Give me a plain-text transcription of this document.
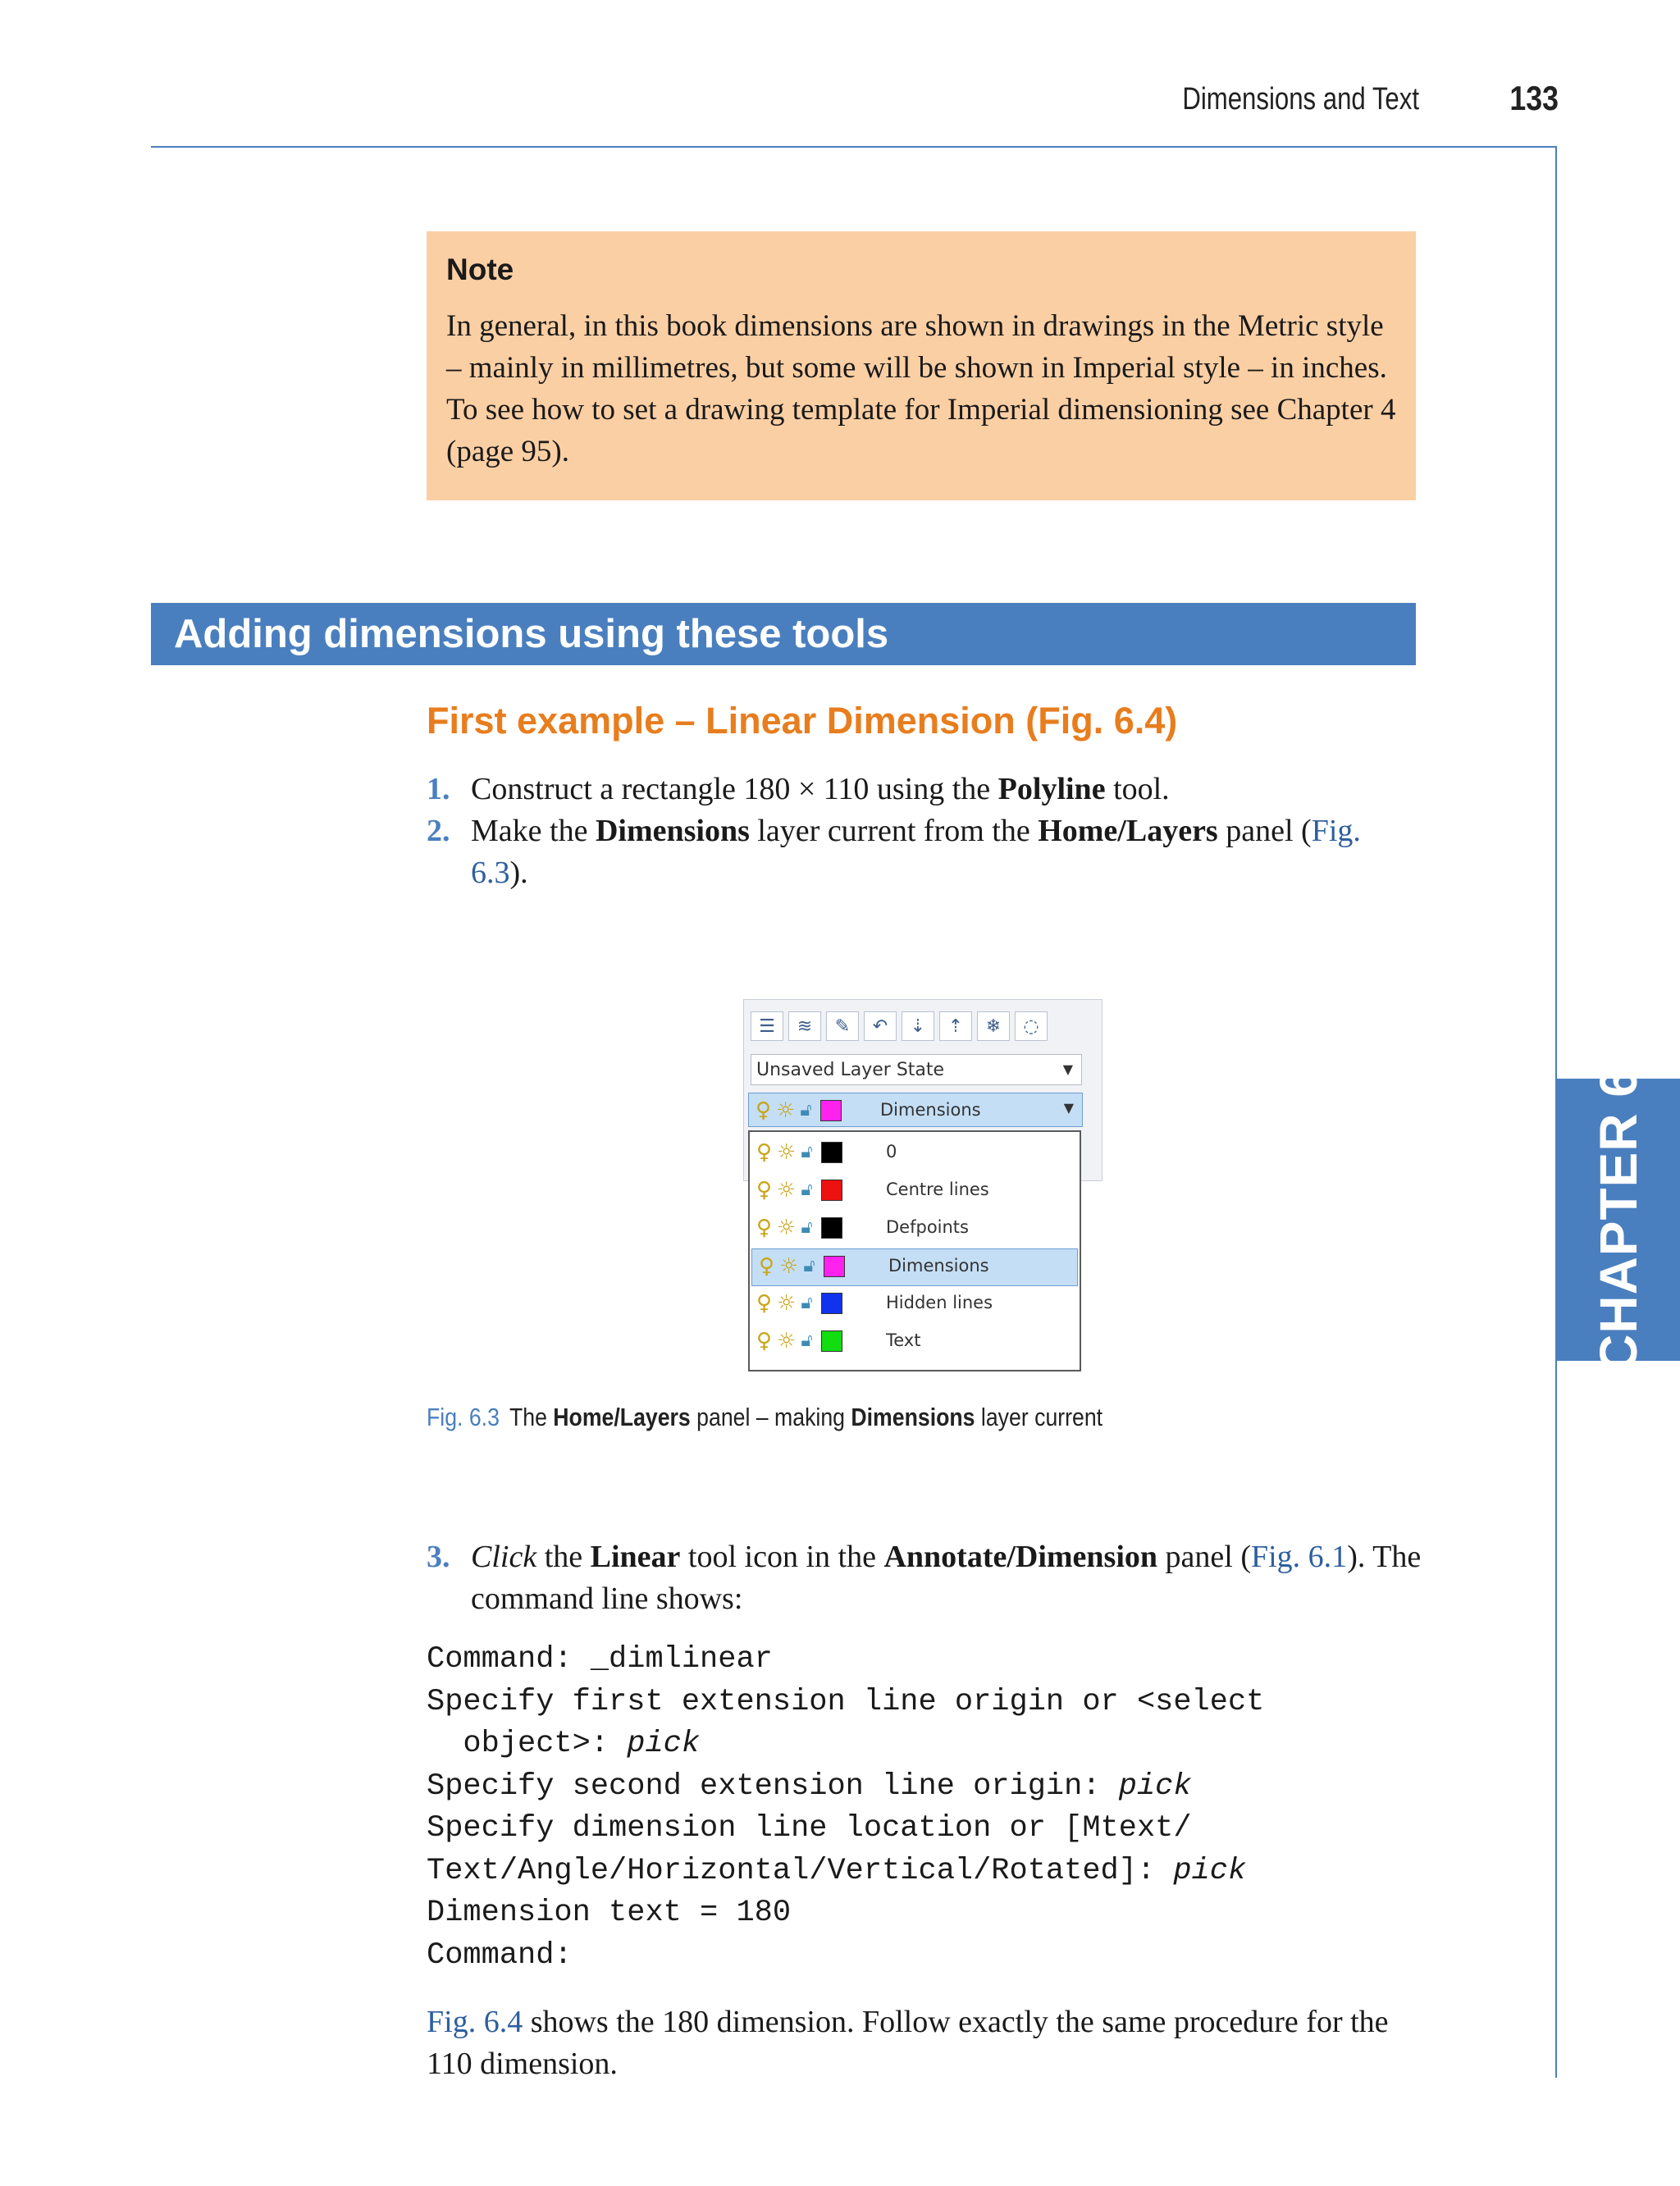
Dimensions and Text	133
CHAPTER 6
Note
In general, in this book dimensions are shown in drawings in the Metric style – mainly in millimetres, but some will be shown in Imperial style – in inches. To see how to set a drawing template for Imperial dimensioning see Chapter 4 (page 95).
Adding dimensions using these tools
First example – Linear Dimension (Fig. 6.4)
1. Construct a rectangle 180 × 110 using the Polyline tool.
2. Make the Dimensions layer current from the Home/Layers panel (Fig. 6.3).
☰ ≋ ✎ ↶ ⇣ ⇡ ❄ ◌
Unsaved Layer State	▼
♀ ☼ 🔓︎	Dimensions	▼
♀ ☼ 🔓︎	0
♀ ☼ 🔓︎	Centre lines
♀ ☼ 🔓︎	Defpoints
♀ ☼ 🔓︎	Dimensions
♀ ☼ 🔓︎	Hidden lines
♀ ☼ 🔓︎	Text
Fig. 6.3 The Home/Layers panel – making Dimensions layer current
3. Click the Linear tool icon in the Annotate/Dimension panel (Fig. 6.1). The command line shows:
Command: _dimlinear
Specify first extension line origin or <select
object>: pick
Specify second extension line origin: pick
Specify dimension line location or [Mtext/
Text/Angle/Horizontal/Vertical/Rotated]: pick
Dimension text = 180
Command:
Fig. 6.4 shows the 180 dimension. Follow exactly the same procedure for the 110 dimension.
